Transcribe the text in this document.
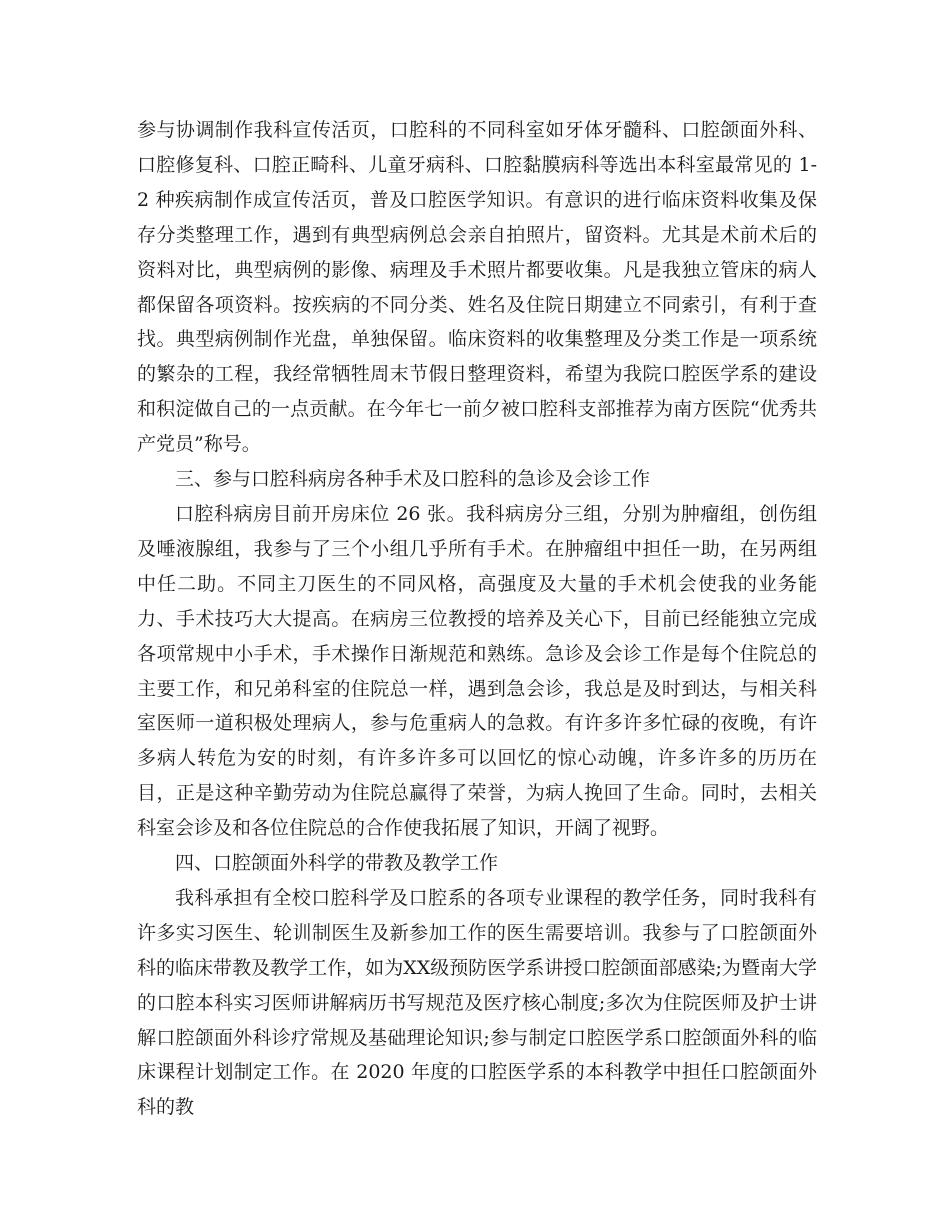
参与协调制作我科宣传活页，口腔科的不同科室如牙体牙髓科、口腔颌面外科、口腔修复科、口腔正畸科、儿童牙病科、口腔黏膜病科等选出本科室最常见的 1-2 种疾病制作成宣传活页，普及口腔医学知识。有意识的进行临床资料收集及保存分类整理工作，遇到有典型病例总会亲自拍照片，留资料。尤其是术前术后的资料对比，典型病例的影像、病理及手术照片都要收集。凡是我独立管床的病人都保留各项资料。按疾病的不同分类、姓名及住院日期建立不同索引，有利于查找。典型病例制作光盘，单独保留。临床资料的收集整理及分类工作是一项系统的繁杂的工程，我经常牺牲周末节假日整理资料，希望为我院口腔医学系的建设和积淀做自己的一点贡献。在今年七一前夕被口腔科支部推荐为南方医院“优秀共产党员”称号。

三、参与口腔科病房各种手术及口腔科的急诊及会诊工作

口腔科病房目前开房床位 26 张。我科病房分三组，分别为肿瘤组，创伤组及唾液腺组，我参与了三个小组几乎所有手术。在肿瘤组中担任一助，在另两组中任二助。不同主刀医生的不同风格，高强度及大量的手术机会使我的业务能力、手术技巧大大提高。在病房三位教授的培养及关心下，目前已经能独立完成各项常规中小手术，手术操作日渐规范和熟练。急诊及会诊工作是每个住院总的主要工作，和兄弟科室的住院总一样，遇到急会诊，我总是及时到达，与相关科室医师一道积极处理病人，参与危重病人的急救。有许多许多忙碌的夜晚，有许多病人转危为安的时刻，有许多许多可以回忆的惊心动魄，许多许多的历历在目，正是这种辛勤劳动为住院总赢得了荣誉，为病人挽回了生命。同时，去相关科室会诊及和各位住院总的合作使我拓展了知识，开阔了视野。

四、口腔颌面外科学的带教及教学工作

我科承担有全校口腔科学及口腔系的各项专业课程的教学任务，同时我科有许多实习医生、轮训制医生及新参加工作的医生需要培训。我参与了口腔颌面外科的临床带教及教学工作，如为XX级预防医学系讲授口腔颌面部感染;为暨南大学的口腔本科实习医师讲解病历书写规范及医疗核心制度;多次为住院医师及护士讲解口腔颌面外科诊疗常规及基础理论知识;参与制定口腔医学系口腔颌面外科的临床课程计划制定工作。在 2020 年度的口腔医学系的本科教学中担任口腔颌面外科的教
